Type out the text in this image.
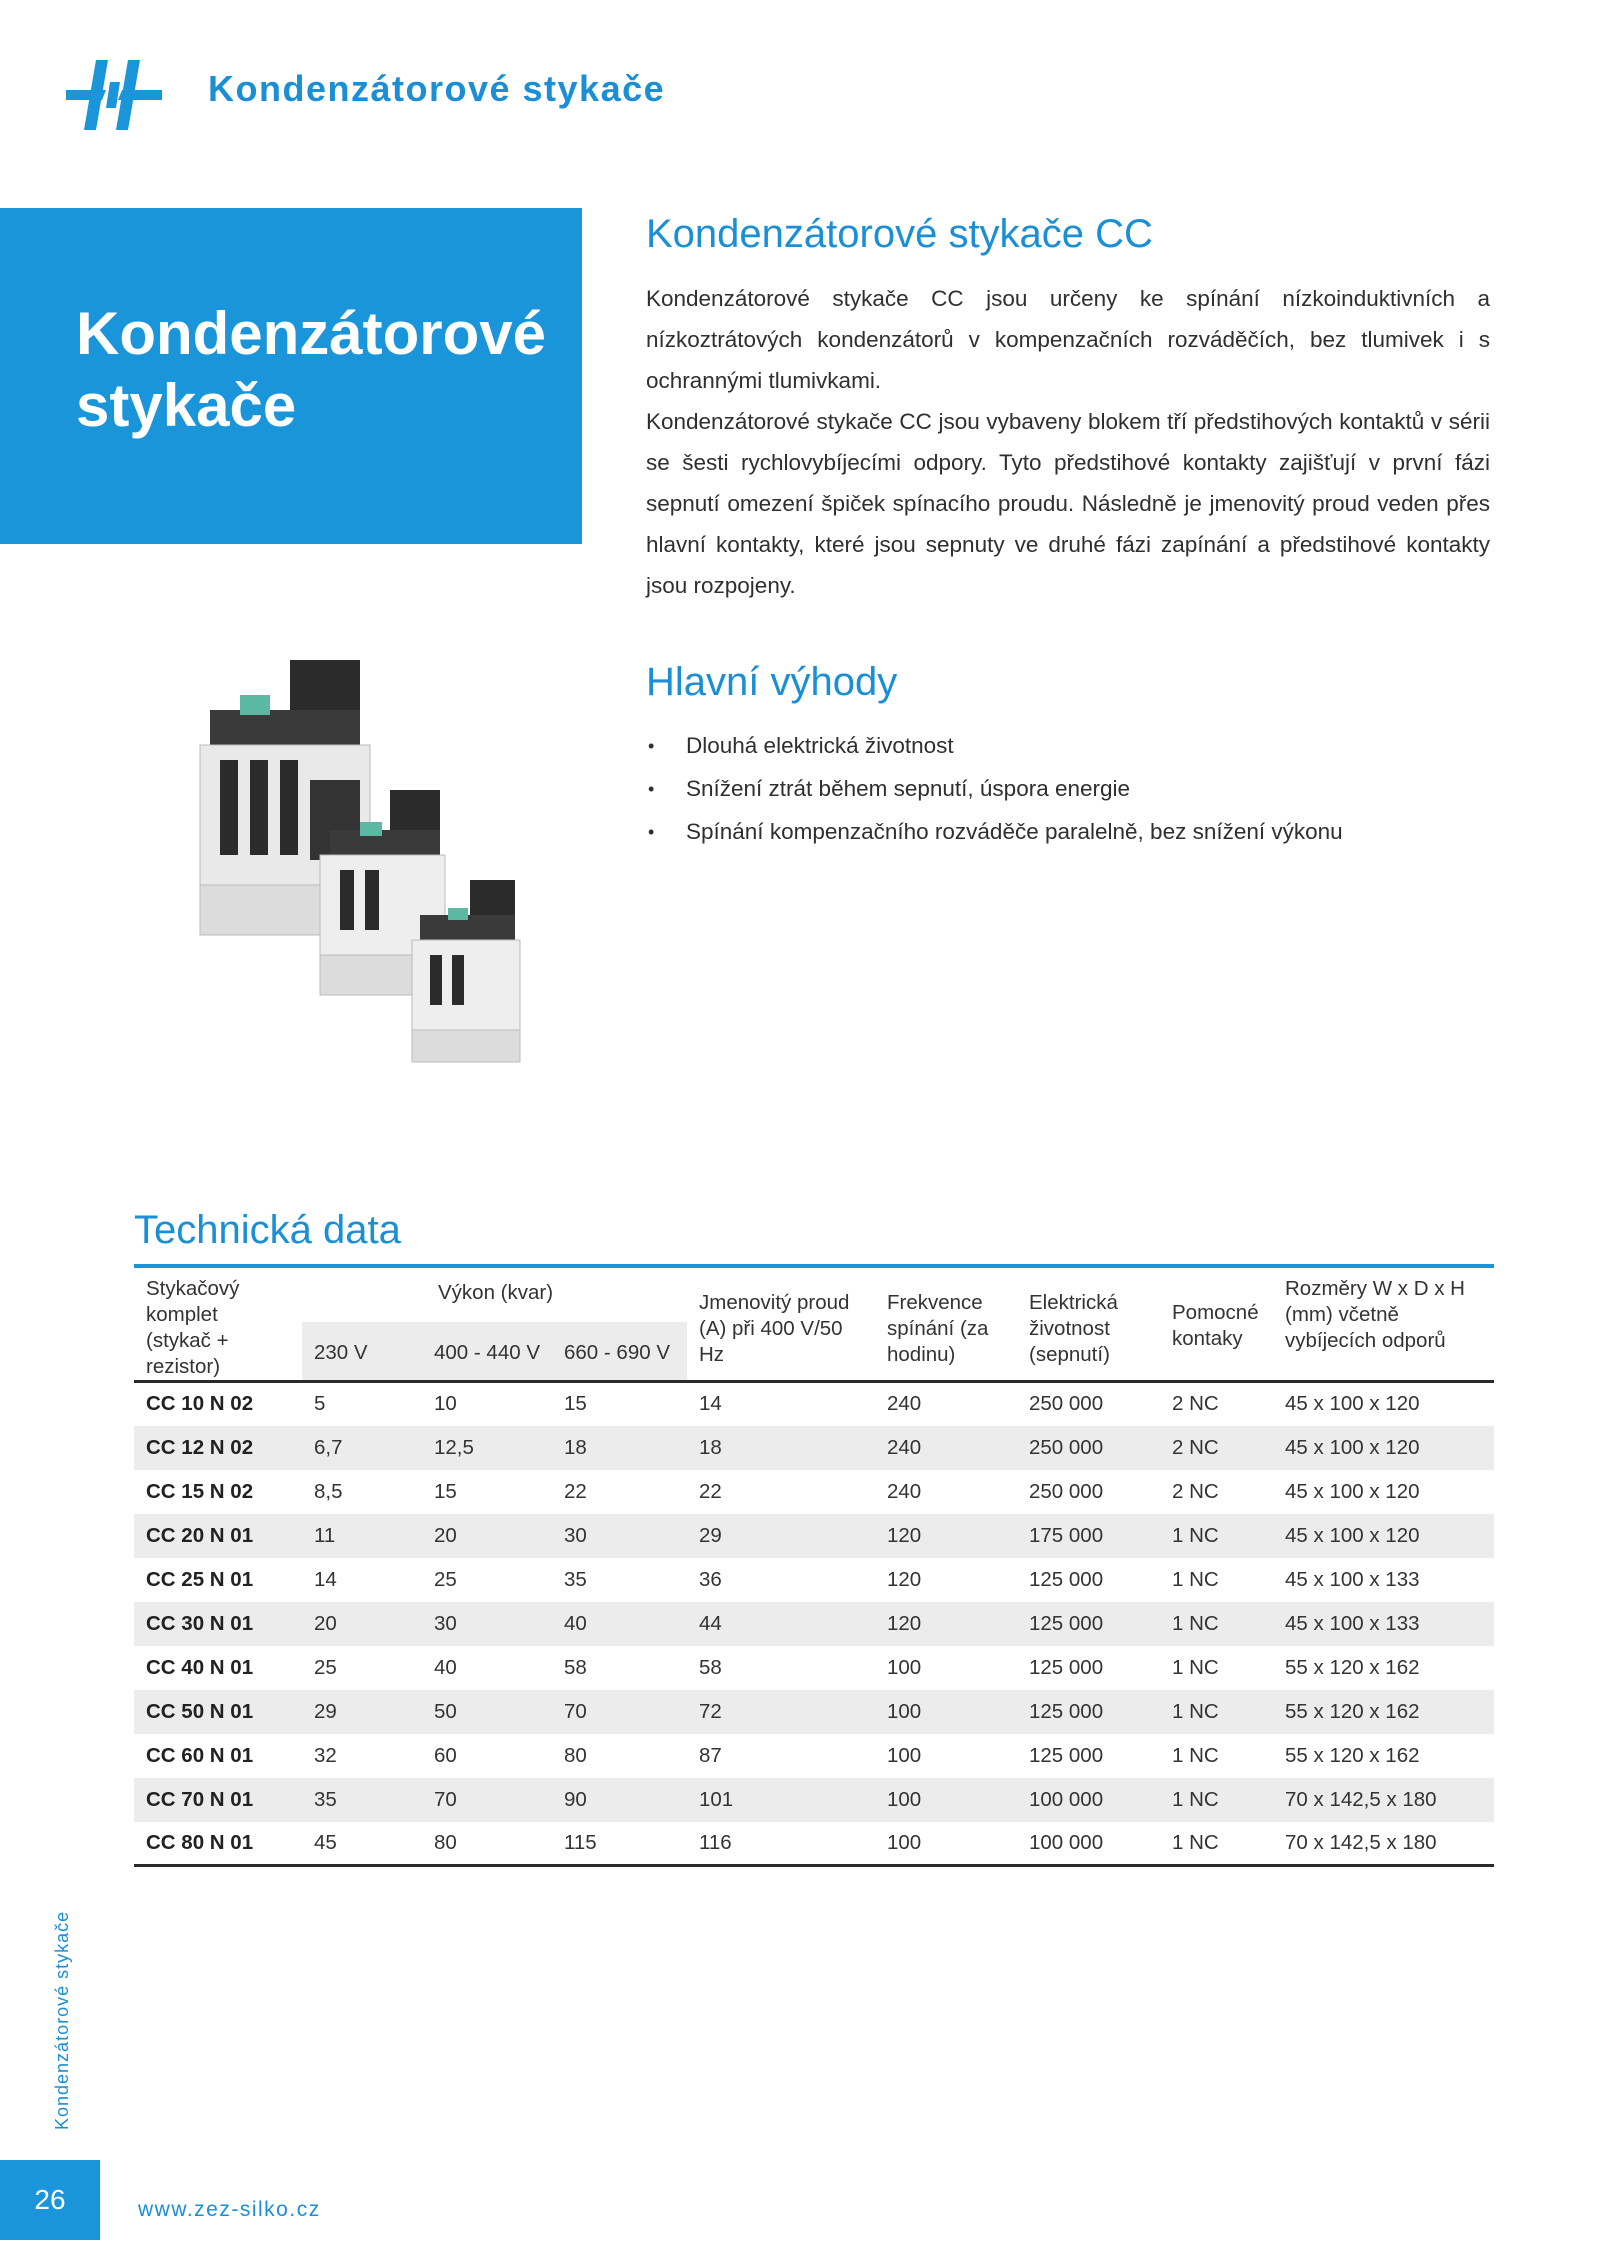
Kondenzátorové stykače
Kondenzátorové
stykače
Kondenzátorové stykače CC

Kondenzátorové stykače CC jsou určeny ke spínání nízkoinduktivních a nízkoztrátových kondenzátorů v kompenzačních rozváděčích, bez tlumivek i s ochrannými tlumivkami.

Kondenzátorové stykače CC jsou vybaveny blokem tří předstihových kontaktů v sérii se šesti rychlovybíjecími odpory. Tyto předstihové kontakty zajišťují v první fázi sepnutí omezení špiček spínacího proudu. Následně je jmenovitý proud veden přes hlavní kontakty, které jsou sepnuty ve druhé fázi zapínání a předstihové kontakty jsou rozpojeny.

Hlavní výhody
• Dlouhá elektrická životnost
• Snížení ztrát během sepnutí, úspora energie
• Spínání kompenzačního rozváděče paralelně, bez snížení výkonu
Technická data
Stykačový komplet (stykač + rezistor)	Výkon (kvar)			Jmenovitý proud (A) při 400 V/50 Hz	Frekvence spínání (za hodinu)	Elektrická životnost (sepnutí)	Pomocné kontaky	Rozměry W x D x H (mm) včetně vybíjecích odporů

	230 V	400 - 440 V	660 - 690 V					
CC 10 N 02	5	10	15	14	240	250 000	2 NC	45 x 100 x 120
CC 12 N 02	6,7	12,5	18	18	240	250 000	2 NC	45 x 100 x 120
CC 15 N 02	8,5	15	22	22	240	250 000	2 NC	45 x 100 x 120
CC 20 N 01	11	20	30	29	120	175 000	1 NC	45 x 100 x 120
CC 25 N 01	14	25	35	36	120	125 000	1 NC	45 x 100 x 133
CC 30 N 01	20	30	40	44	120	125 000	1 NC	45 x 100 x 133
CC 40 N 01	25	40	58	58	100	125 000	1 NC	55 x 120 x 162
CC 50 N 01	29	50	70	72	100	125 000	1 NC	55 x 120 x 162
CC 60 N 01	32	60	80	87	100	125 000	1 NC	55 x 120 x 162
CC 70 N 01	35	70	90	101	100	100 000	1 NC	70 x 142,5 x 180
CC 80 N 01	45	80	115	116	100	100 000	1 NC	70 x 142,5 x 180
Kondenzátorové stykače
26	www.zez-silko.cz
